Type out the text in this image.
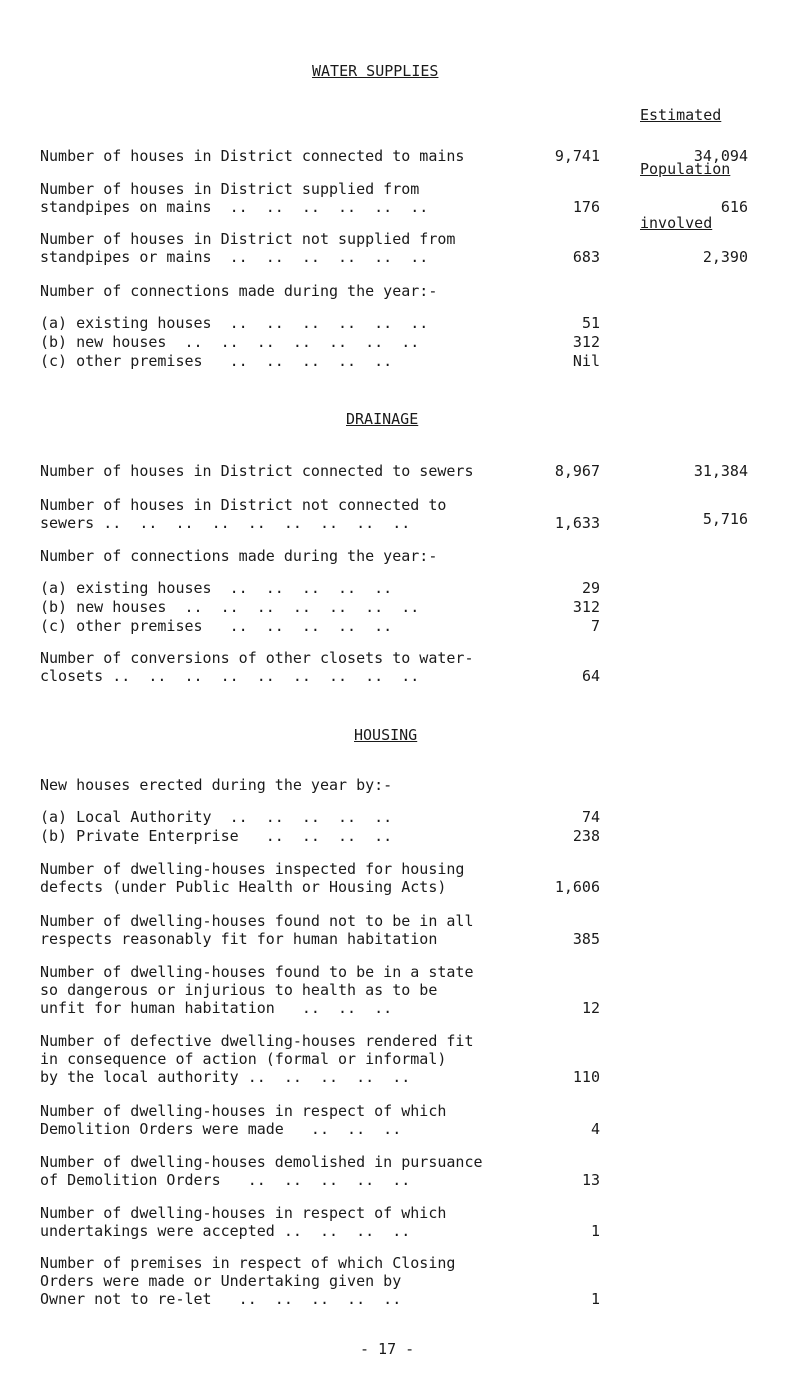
WATER SUPPLIES

Estimated

Population

involved

Number of houses in District connected to mains	9,741	34,094
Number of houses in District supplied from
standpipes on mains  ..  ..  ..  ..  ..  ..	176	616
Number of houses in District not supplied from
standpipes or mains  ..  ..  ..  ..  ..  ..	683	2,390
Number of connections made during the year:-
(a) existing houses  ..  ..  ..  ..  ..  ..	51
(b) new houses  ..  ..  ..  ..  ..  ..  ..	312
(c) other premises   ..  ..  ..  ..  ..	Nil
DRAINAGE
Number of houses in District connected to sewers	8,967	31,384
Number of houses in District not connected to
sewers ..  ..  ..  ..  ..  ..  ..  ..  ..	1,633	5,716
Number of connections made during the year:-
(a) existing houses  ..  ..  ..  ..  ..	29
(b) new houses  ..  ..  ..  ..  ..  ..  ..	312
(c) other premises   ..  ..  ..  ..  ..	7
Number of conversions of other closets to water-
closets ..  ..  ..  ..  ..  ..  ..  ..  ..	64
HOUSING
New houses erected during the year by:-
(a) Local Authority  ..  ..  ..  ..  ..	74
(b) Private Enterprise   ..  ..  ..  ..	238
Number of dwelling-houses inspected for housing
defects (under Public Health or Housing Acts)	1,606
Number of dwelling-houses found not to be in all
respects reasonably fit for human habitation	385
Number of dwelling-houses found to be in a state
so dangerous or injurious to health as to be
unfit for human habitation   ..  ..  ..	12
Number of defective dwelling-houses rendered fit
in consequence of action (formal or informal)
by the local authority ..  ..  ..  ..  ..	110
Number of dwelling-houses in respect of which
Demolition Orders were made   ..  ..  ..	4
Number of dwelling-houses demolished in pursuance
of Demolition Orders   ..  ..  ..  ..  ..	13
Number of dwelling-houses in respect of which
undertakings were accepted ..  ..  ..  ..	1
Number of premises in respect of which Closing
Orders were made or Undertaking given by
Owner not to re-let   ..  ..  ..  ..  ..	1
- 17 -
